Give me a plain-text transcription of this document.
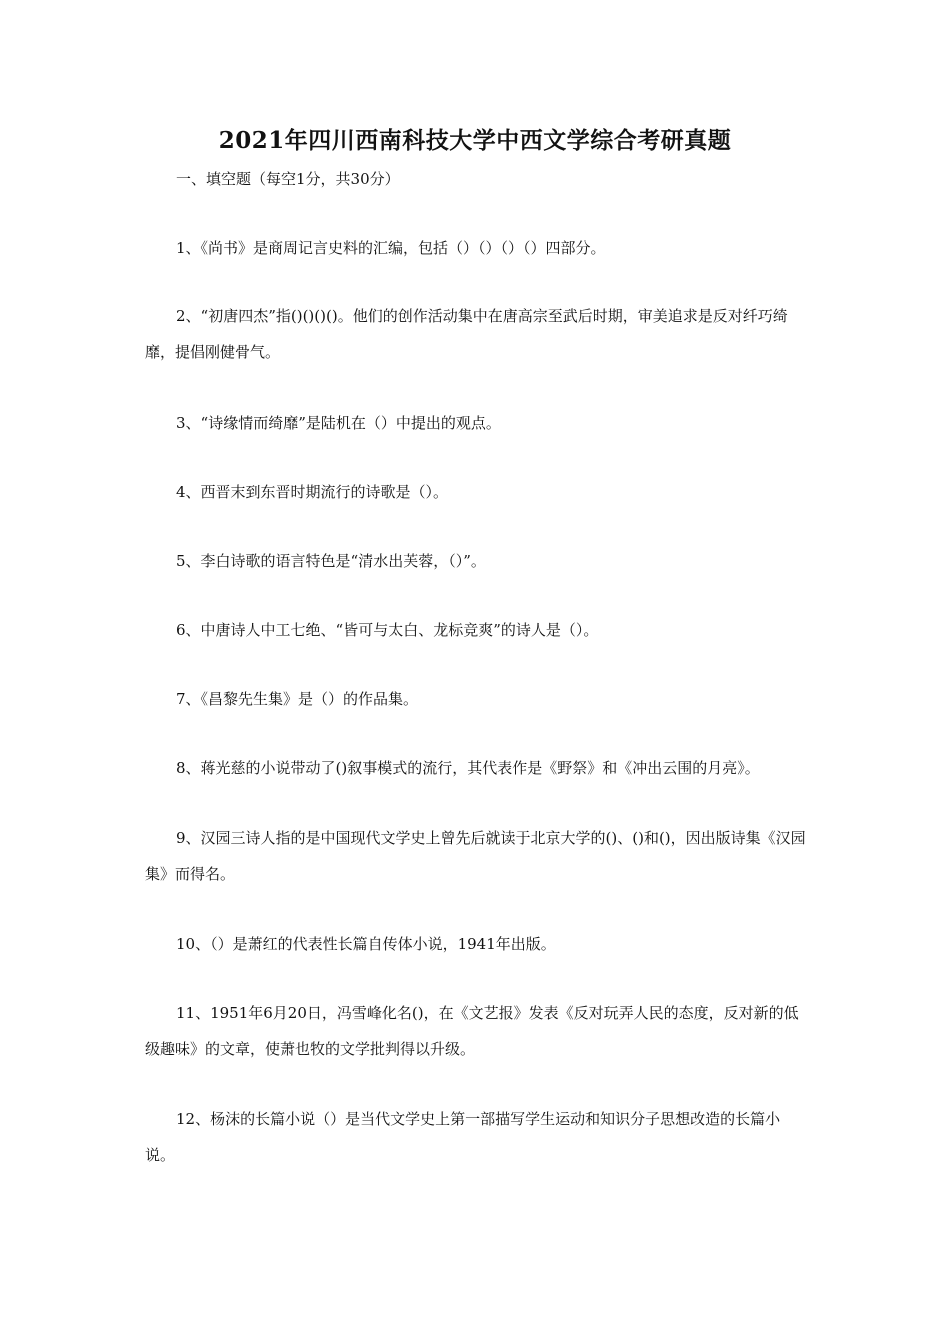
2021年四川西南科技大学中西文学综合考研真题
一、填空题（每空1分，共30分）

1、《尚书》是商周记言史料的汇编，包括（）（）（）（）四部分。

2、“初唐四杰”指()()()()。他们的创作活动集中在唐高宗至武后时期，审美追求是反对纤巧绮靡，提倡刚健骨气。

3、“诗缘情而绮靡”是陆机在（）中提出的观点。

4、西晋末到东晋时期流行的诗歌是（）。

5、李白诗歌的语言特色是“清水出芙蓉，（）”。

6、中唐诗人中工七绝、“皆可与太白、龙标竞爽”的诗人是（）。

7、《昌黎先生集》是（）的作品集。

8、蒋光慈的小说带动了()叙事模式的流行，其代表作是《野祭》和《冲出云围的月亮》。

9、汉园三诗人指的是中国现代文学史上曾先后就读于北京大学的()、()和()，因出版诗集《汉园集》而得名。

10、（）是萧红的代表性长篇自传体小说，1941年出版。

11、1951年6月20日，冯雪峰化名()，在《文艺报》发表《反对玩弄人民的态度，反对新的低级趣味》的文章，使萧也牧的文学批判得以升级。

12、杨沫的长篇小说（）是当代文学史上第一部描写学生运动和知识分子思想改造的长篇小说。
